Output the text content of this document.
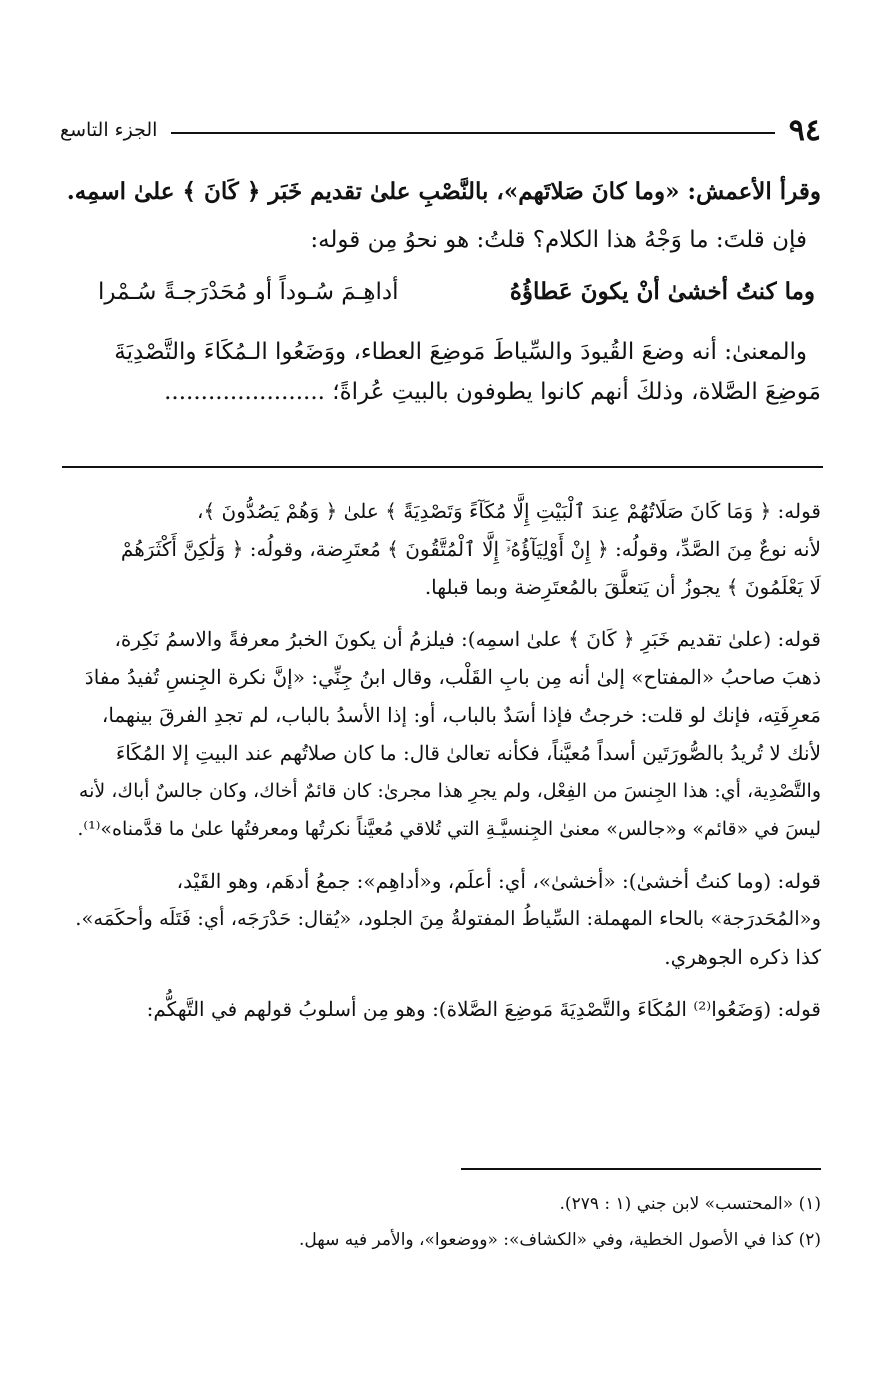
٩٤
الجزء التاسع
وقرأ الأعمش: «وما كانَ صَلاتَهم»، بالنَّصْبِ علىٰ تقديم خَبَر ﴿ كَانَ ﴾ علىٰ اسمِه.
فإن قلتَ: ما وَجْهُ هذا الكلام؟ قلتُ: هو نحوُ مِن قوله:
وما كنتُ أخشىٰ أنْ يكونَ عَطاؤُهُ
أداهِـمَ سُـوداً أو مُحَدْرَجـةً سُـمْرا
والمعنىٰ: أنه وضعَ القُيودَ والسِّياطَ مَوضِعَ العطاء، ووَضَعُوا الـمُكَاءَ والتَّصْدِيَةَ
مَوضِعَ الصَّلاة، وذلكَ أنهم كانوا يطوفون بالبيتِ عُراةً؛ ......................
قوله: ﴿ وَمَا كَانَ صَلَاتُهُمْ عِندَ ٱلْبَيْتِ إِلَّا مُكَآءً وَتَصْدِيَةً ﴾ علىٰ ﴿ وَهُمْ يَصُدُّونَ ﴾،
لأنه نوعٌ مِنَ الصَّدِّ، وقولُه: ﴿ إِنْ أَوْلِيَآؤُهُۥٓ إِلَّا ٱلْمُتَّقُونَ ﴾ مُعتَرِضة، وقولُه: ﴿ وَلَٰكِنَّ أَكْثَرَهُمْ
لَا يَعْلَمُونَ ﴾ يجوزُ أن يَتعلَّقَ بالمُعتَرِضة وبما قبلها.
قوله: (علىٰ تقديم خَبَرِ ﴿ كَانَ ﴾ علىٰ اسمِه): فيلزمُ أن يكونَ الخبرُ معرفةً والاسمُ نَكِرة،
ذهبَ صاحبُ «المفتاح» إلىٰ أنه مِن بابِ القَلْب، وقال ابنُ جِنِّي: «إنَّ نكرة الجِنسِ تُفيدُ مفادَ
مَعرِفَتِه، فإنك لو قلت: خرجتُ فإذا أسَدٌ بالباب، أو: إذا الأسدُ بالباب، لم تجدِ الفرقَ بينهما،
لأنك لا تُريدُ بالصُّورَتَين أسداً مُعيَّناً، فكأنه تعالىٰ قال: ما كان صلاتُهم عند البيتِ إلا المُكَاءَ
والتَّصْدِية، أي: هذا الجِنسَ من الفِعْل، ولم يجرِ هذا مجرىٰ: كان قائمٌ أخاك، وكان جالسٌ أباك، لأنه
ليسَ في «قائم» و«جالس» معنىٰ الجِنسيَّـةِ التي تُلاقي مُعيَّناً نكرتُها ومعرفتُها علىٰ ما قدَّمناه»⁽¹⁾.
قوله: (وما كنتُ أخشىٰ): «أخشىٰ»، أي: أعلَم، و«أداهِم»: جمعُ أدهَم، وهو القَيْد،
و«المُحَدرَجة» بالحاء المهملة: السِّياطُ المفتولةُ مِنَ الجلود، «يُقال: حَدْرَجَه، أي: فَتَلَه وأحكَمَه».
كذا ذكره الجوهري.
قوله: (وَضَعُوا⁽²⁾ المُكَاءَ والتَّصْدِيَةَ مَوضِعَ الصَّلاة): وهو مِن أسلوبُ قولهم في التَّهكُّم:
(١) «المحتسب» لابن جني (١ : ٢٧٩).
(٢) كذا في الأصول الخطية، وفي «الكشاف»: «ووضعوا»، والأمر فيه سهل.
